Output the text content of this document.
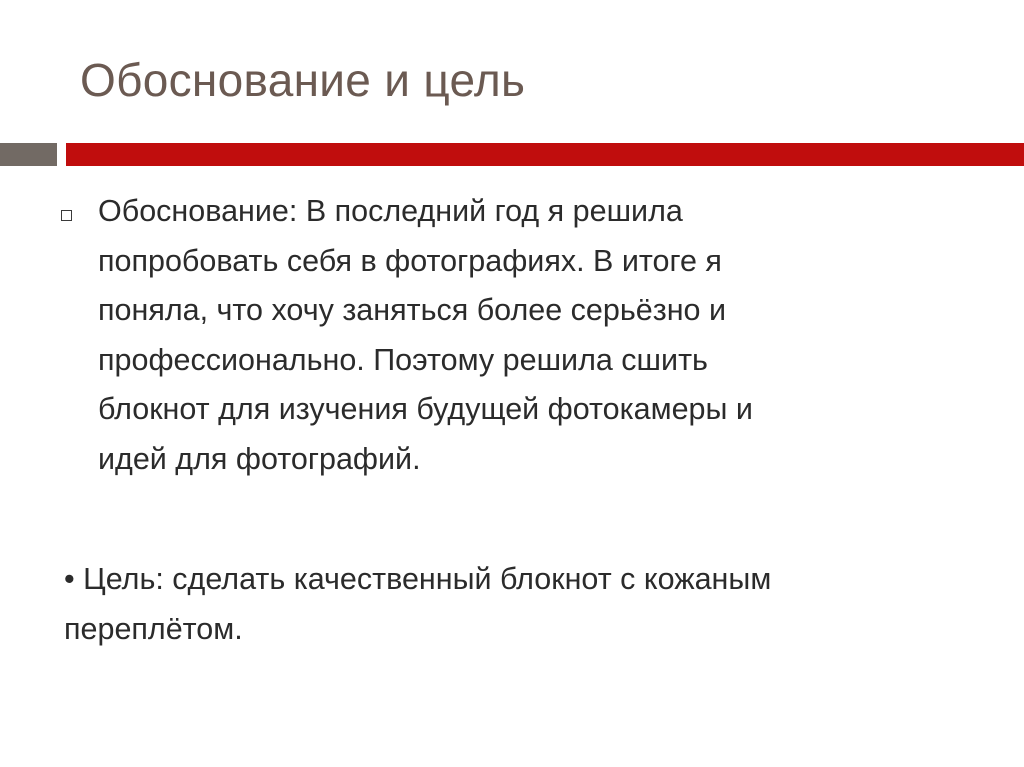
Обоснование и цель
Обоснование: В последний год я решила
попробовать себя в фотографиях. В итоге я
поняла, что хочу заняться более серьёзно и
профессионально. Поэтому решила сшить
блокнот для изучения будущей фотокамеры и
идей для фотографий.
• Цель: сделать качественный блокнот с кожаным
переплётом.
